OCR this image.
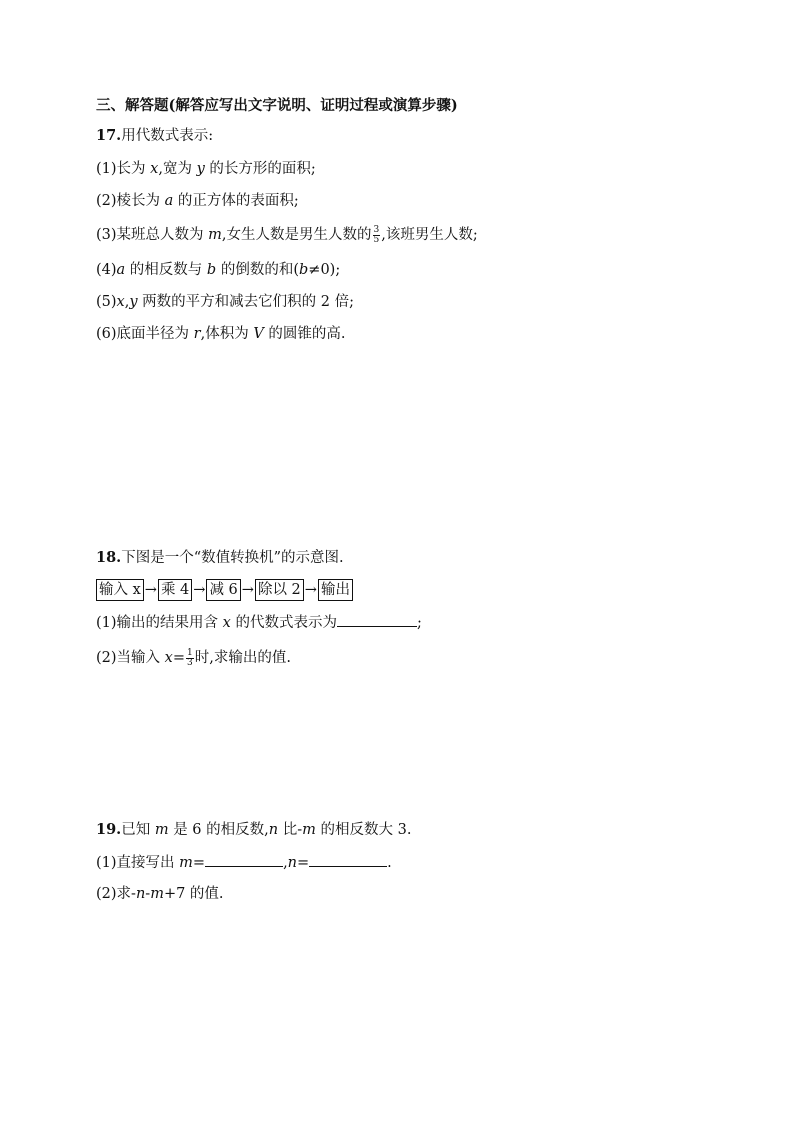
三、解答题(解答应写出文字说明、证明过程或演算步骤)
17.用代数式表示:
(1)长为 x,宽为 y 的长方形的面积;
(2)棱长为 a 的正方体的表面积;
(3)某班总人数为 m,女生人数是男生人数的 $\frac{3}{5}$ ,该班男生人数;
(4)a 的相反数与 b 的倒数的和(b≠0);
(5)x,y 两数的平方和减去它们积的 2 倍;
(6)底面半径为 r,体积为 V 的圆锥的高.
18.下图是一个“数值转换机”的示意图.
输入 x → 乘 4 → 减 6 → 除以 2 → 输出
(1)输出的结果用含 x 的代数式表示为	;
(2)当输入 $x= \frac{1}{3}$ 时,求输出的值.
19.已知 m 是 6 的相反数,n 比-m 的相反数大 3.
(1)直接写出 m=	,n=	.
(2)求-n-m+7 的值.
